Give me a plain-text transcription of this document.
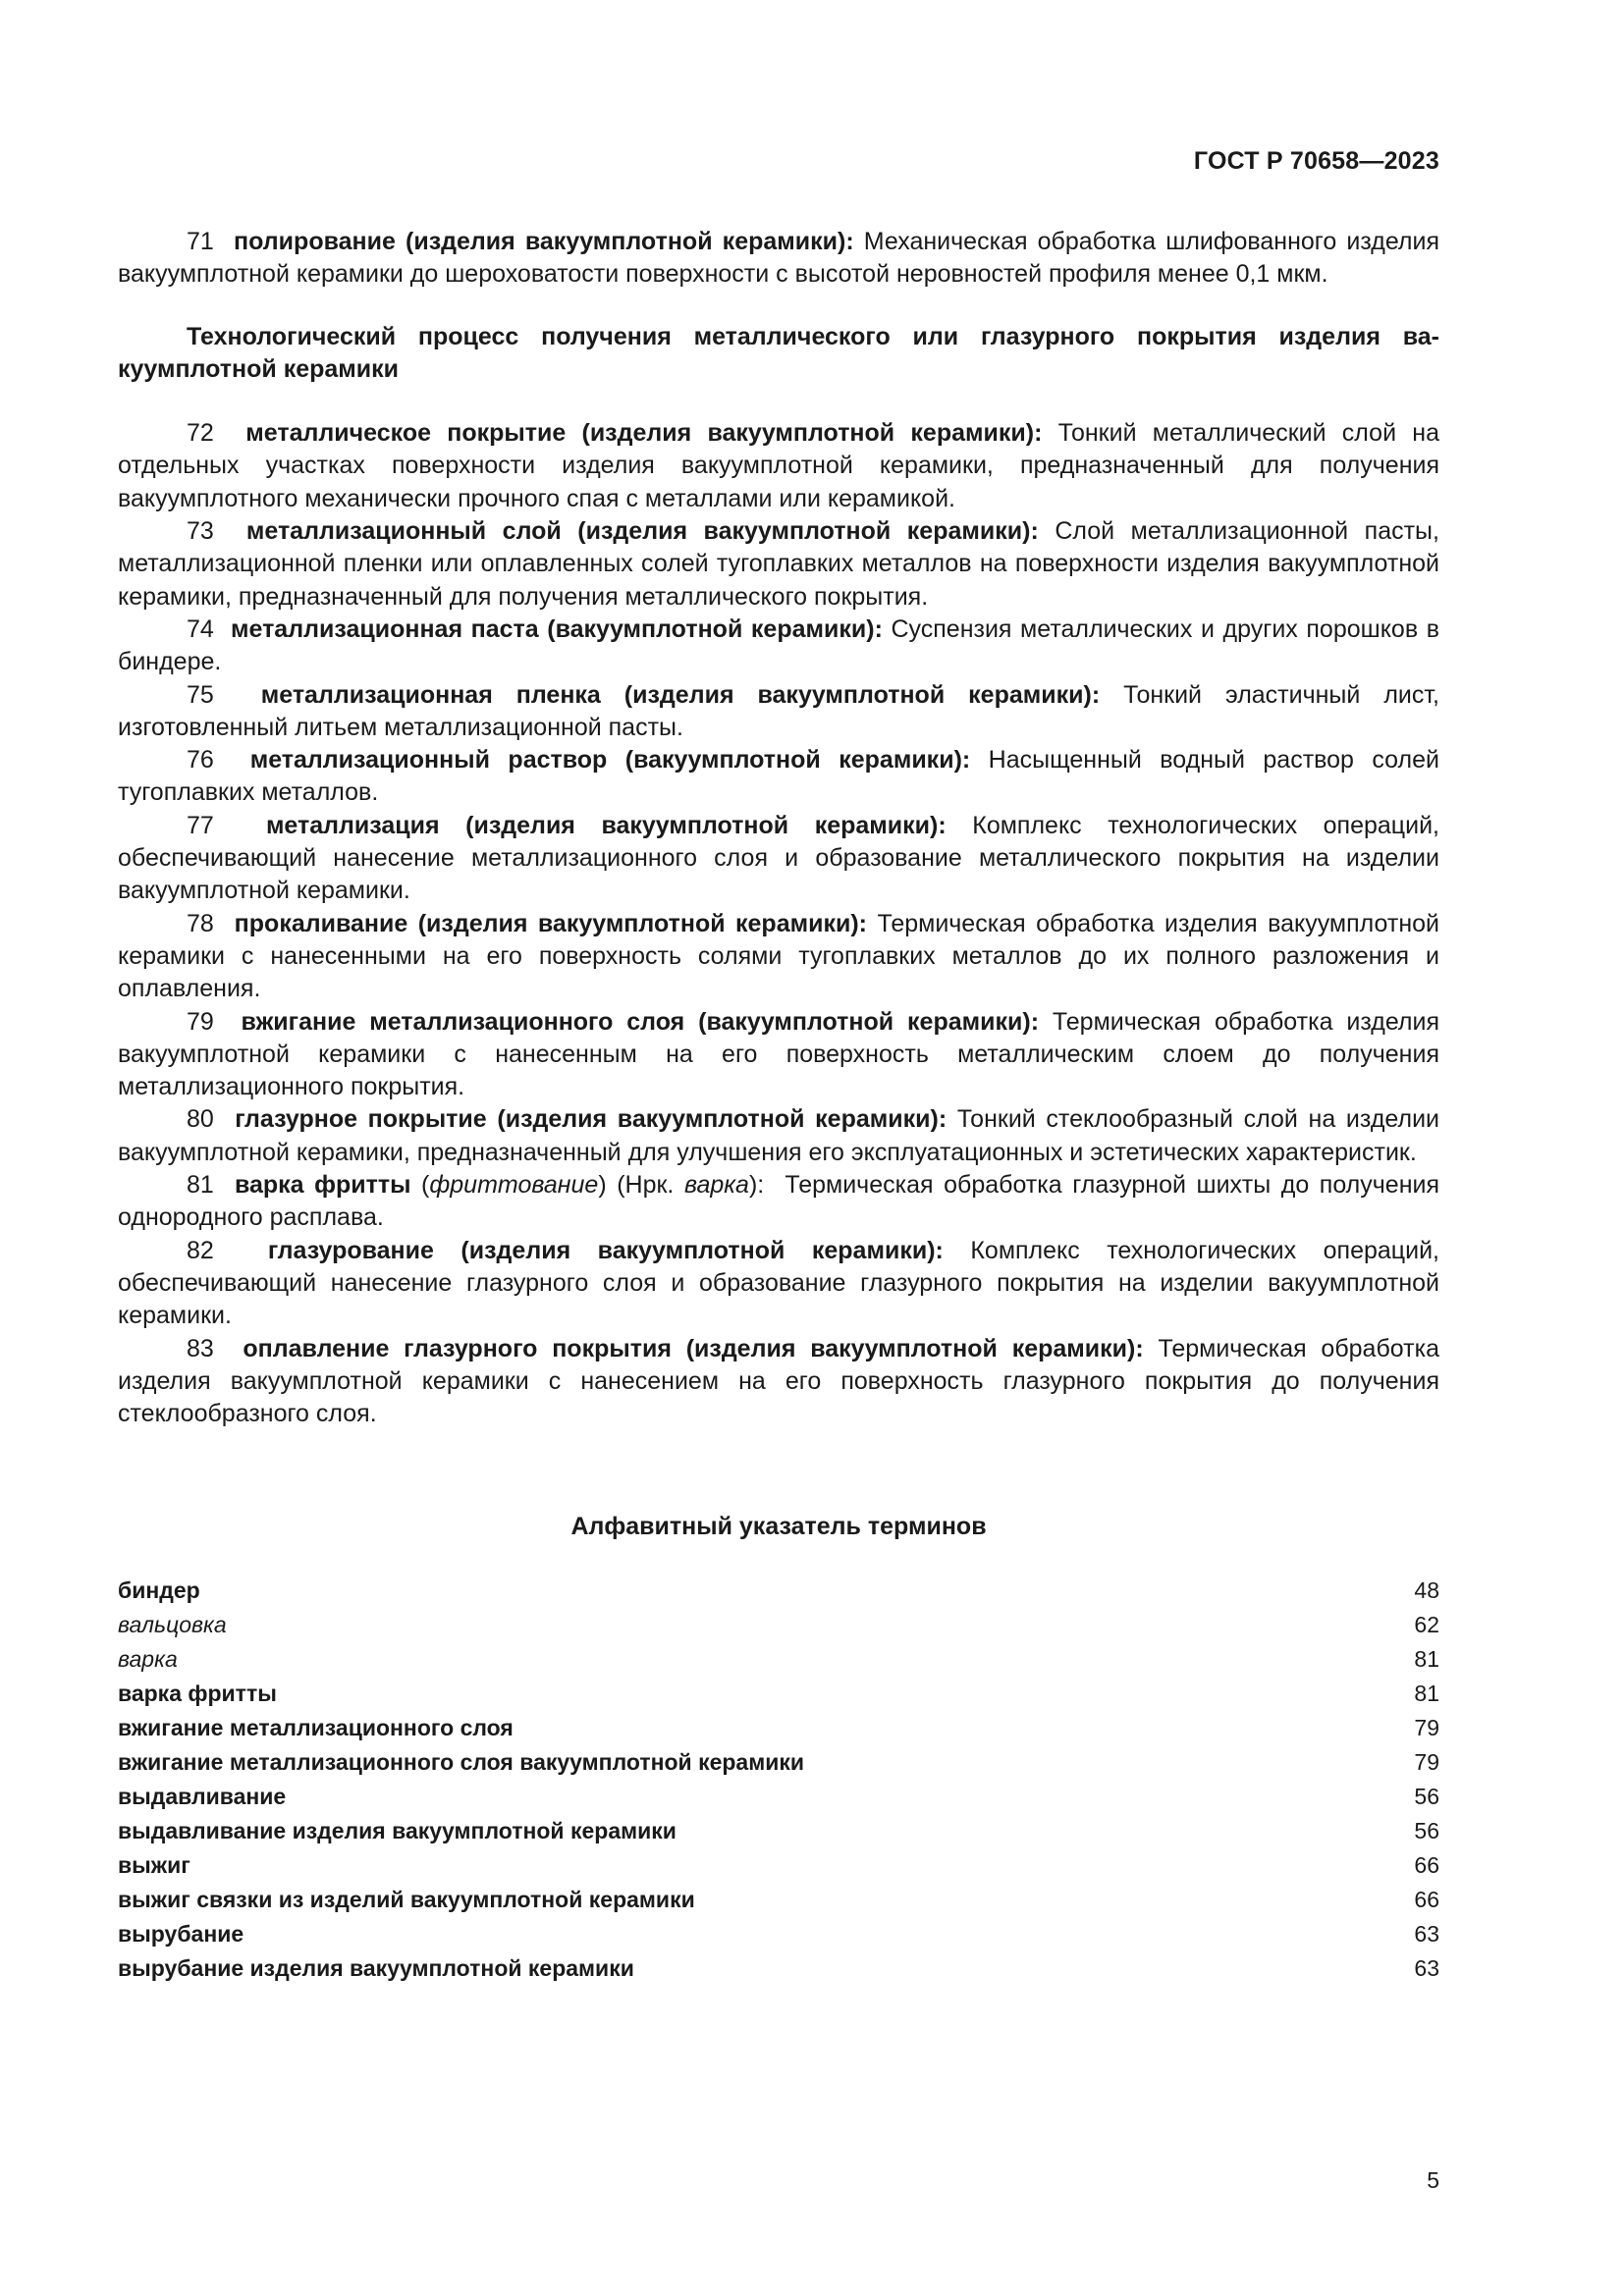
ГОСТ Р 70658—2023

71 полирование (изделия вакуумплотной керамики): Механическая обработка шлифованного изделия вакуумплотной керамики до шероховатости поверхности с высотой неровностей профиля менее 0,1 мкм.

Технологический процесс получения металлического или глазурного покрытия изделия вакуумплотной керамики

72 металлическое покрытие (изделия вакуумплотной керамики): Тонкий металлический слой на отдельных участках поверхности изделия вакуумплотной керамики, предназначенный для получения вакуумплотного механически прочного спая с металлами или керамикой.

73 металлизационный слой (изделия вакуумплотной керамики): Слой металлизационной пасты, металлизационной пленки или оплавленных солей тугоплавких металлов на поверхности изделия вакуумплотной керамики, предназначенный для получения металлического покрытия.

74 металлизационная паста (вакуумплотной керамики): Суспензия металлических и других порошков в биндере.

75 металлизационная пленка (изделия вакуумплотной керамики): Тонкий эластичный лист, изготовленный литьем металлизационной пасты.

76 металлизационный раствор (вакуумплотной керамики): Насыщенный водный раствор солей тугоплавких металлов.

77 металлизация (изделия вакуумплотной керамики): Комплекс технологических операций, обеспечивающий нанесение металлизационного слоя и образование металлического покрытия на изделии вакуумплотной керамики.

78 прокаливание (изделия вакуумплотной керамики): Термическая обработка изделия вакуумплотной керамики с нанесенными на его поверхность солями тугоплавких металлов до их полного разложения и оплавления.

79 вжигание металлизационного слоя (вакуумплотной керамики): Термическая обработка изделия вакуумплотной керамики с нанесенным на его поверхность металлическим слоем до получения металлизационного покрытия.

80 глазурное покрытие (изделия вакуумплотной керамики): Тонкий стеклообразный слой на изделии вакуумплотной керамики, предназначенный для улучшения его эксплуатационных и эстетических характеристик.

81 варка фритты (фриттование) (Нрк. варка): Термическая обработка глазурной шихты до получения однородного расплава.

82 глазурование (изделия вакуумплотной керамики): Комплекс технологических операций, обеспечивающий нанесение глазурного слоя и образование глазурного покрытия на изделии вакуумплотной керамики.

83 оплавление глазурного покрытия (изделия вакуумплотной керамики): Термическая обработка изделия вакуумплотной керамики с нанесением на его поверхность глазурного покрытия до получения стеклообразного слоя.

Алфавитный указатель терминов
биндер	48
вальцовка	62
варка	81
варка фритты	81
вжигание металлизационного слоя	79
вжигание металлизационного слоя вакуумплотной керамики	79
выдавливание	56
выдавливание изделия вакуумплотной керамики	56
выжиг	66
выжиг связки из изделий вакуумплотной керамики	66
вырубание	63
вырубание изделия вакуумплотной керамики	63
5
